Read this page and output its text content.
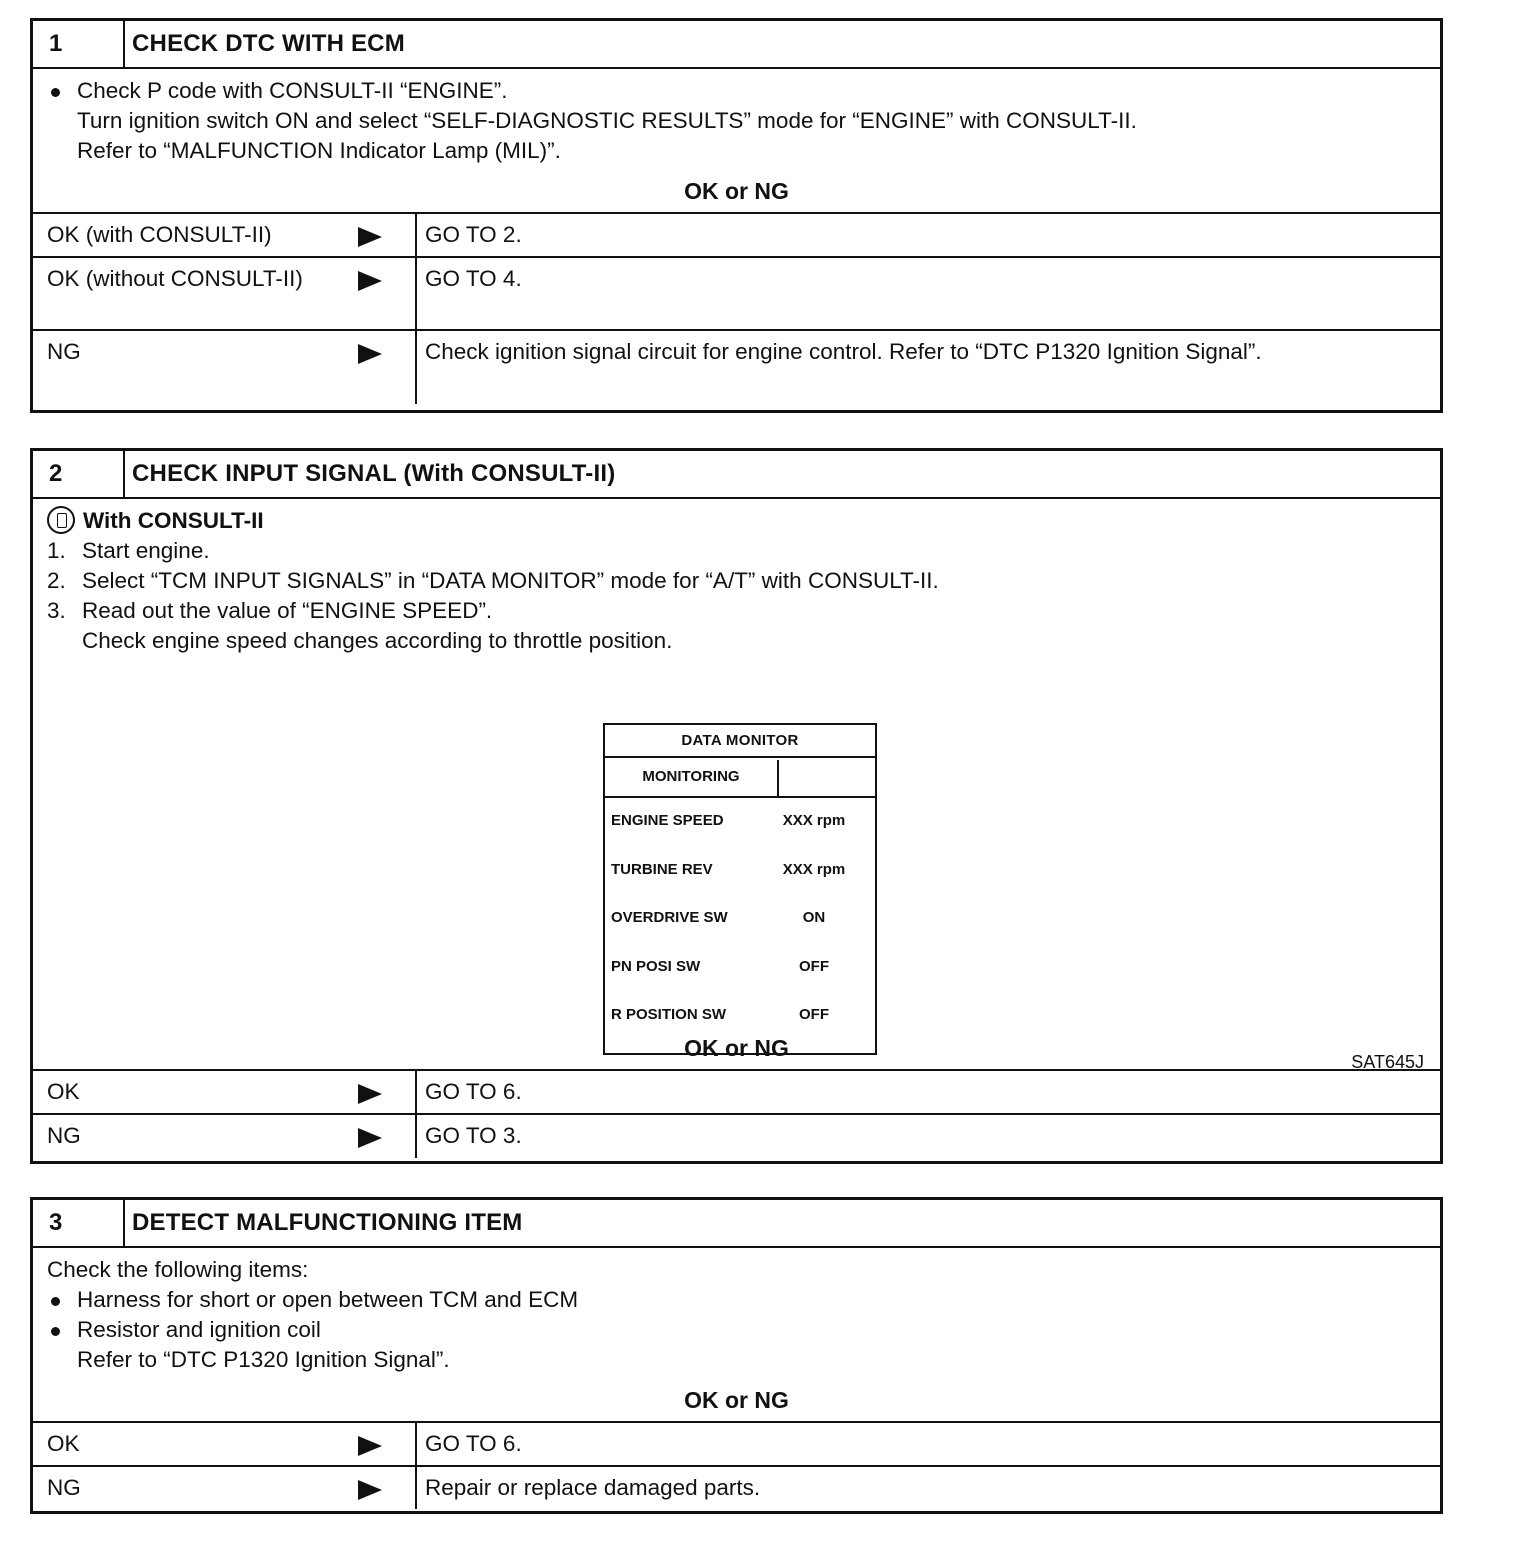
1	CHECK DTC WITH ECM
Check P code with CONSULT-II “ENGINE”.
Turn ignition switch ON and select “SELF-DIAGNOSTIC RESULTS” mode for “ENGINE” with CONSULT-II.
Refer to “MALFUNCTION Indicator Lamp (MIL)”.
OK or NG
OK (with CONSULT-II)	GO TO 2.
OK (without CONSULT-II)	GO TO 4.
NG	Check ignition signal circuit for engine control. Refer to “DTC P1320 Ignition Signal”.
2	CHECK INPUT SIGNAL (With CONSULT-II)
With CONSULT-II
1. Start engine.
2. Select “TCM INPUT SIGNALS” in “DATA MONITOR” mode for “A/T” with CONSULT-II.
3. Read out the value of “ENGINE SPEED”.
Check engine speed changes according to throttle position.
DATA MONITOR
MONITORING
ENGINE SPEED	XXX rpm
TURBINE REV	XXX rpm
OVERDRIVE SW	ON
PN POSI SW	OFF
R POSITION SW	OFF
SAT645J
OK or NG
OK	GO TO 6.
NG	GO TO 3.
3	DETECT MALFUNCTIONING ITEM
Check the following items:
Harness for short or open between TCM and ECM
Resistor and ignition coil
Refer to “DTC P1320 Ignition Signal”.
OK or NG
OK	GO TO 6.
NG	Repair or replace damaged parts.
